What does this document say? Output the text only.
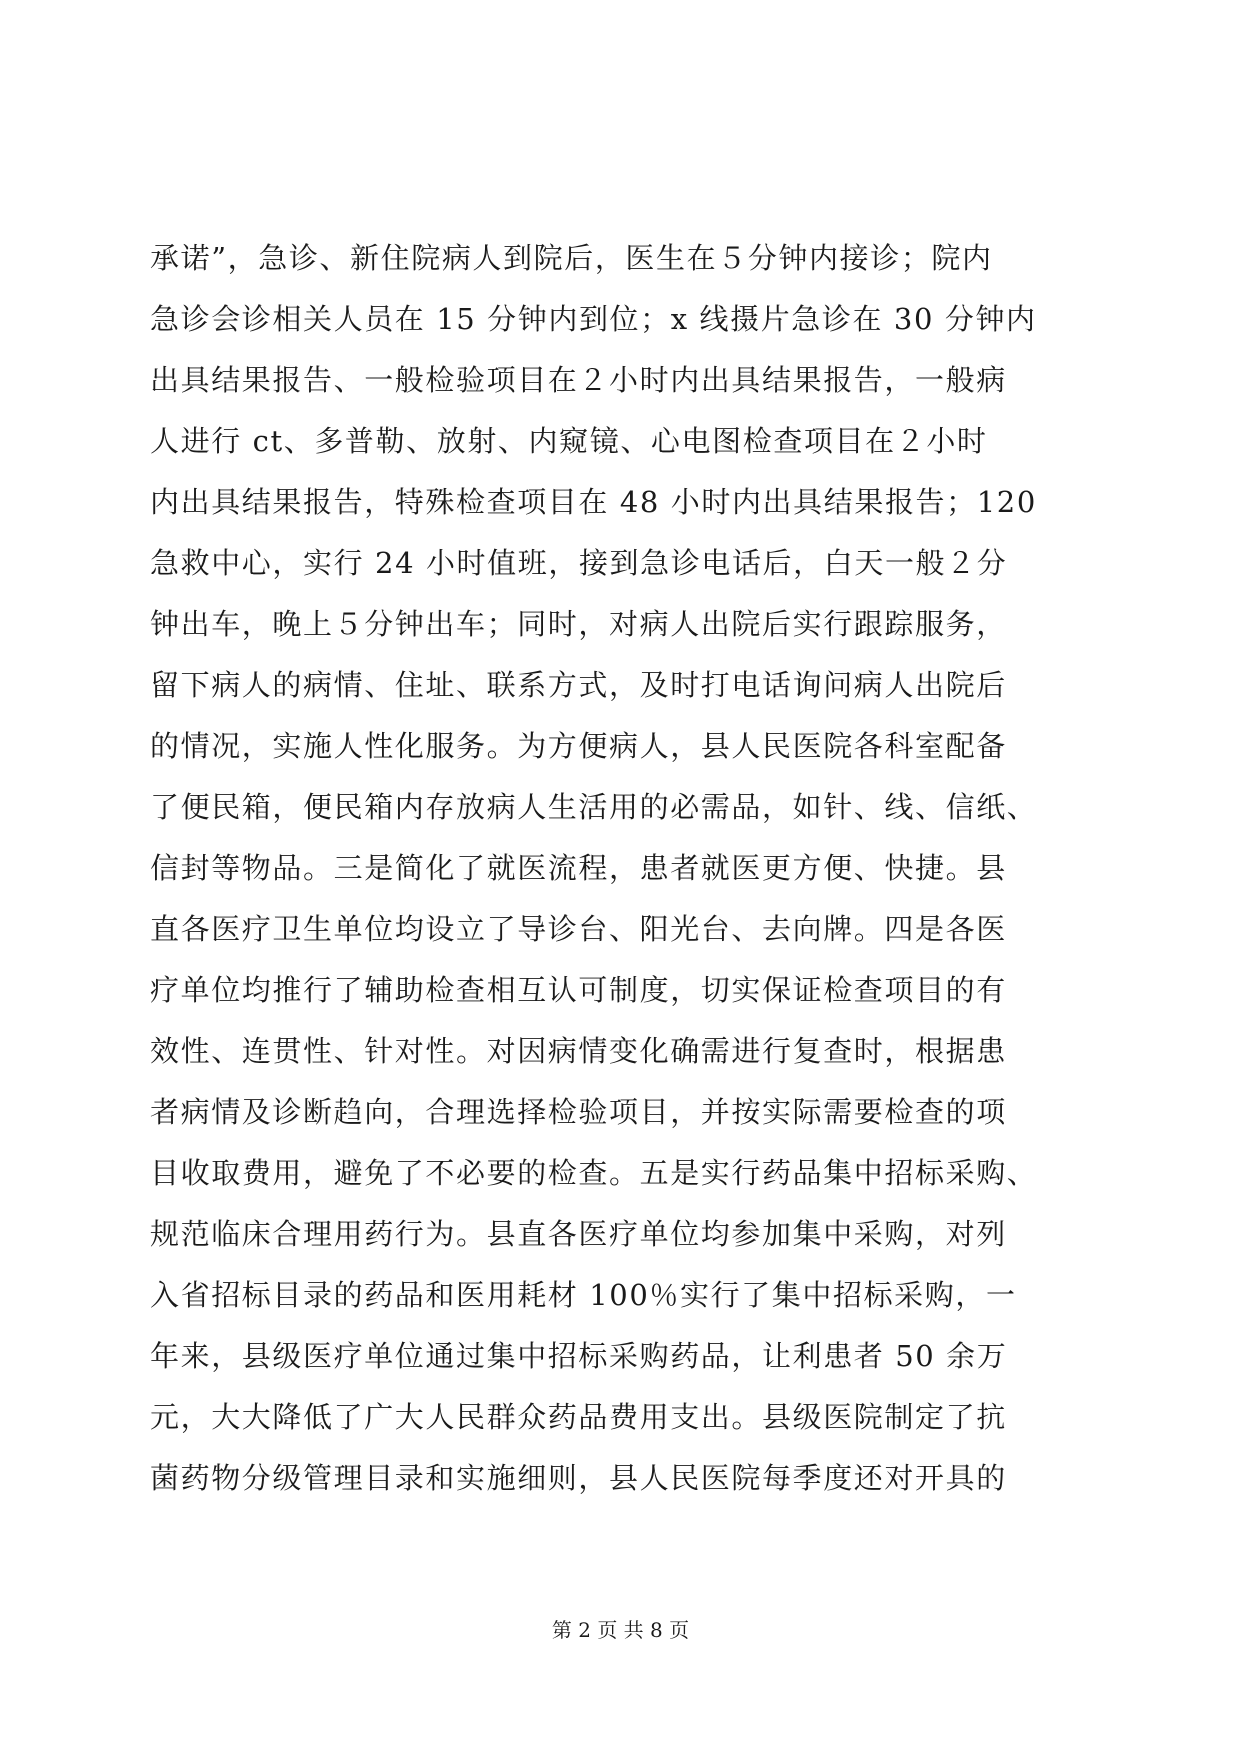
承诺”，急诊、新住院病人到院后，医生在５分钟内接诊；院内
急诊会诊相关人员在 15 分钟内到位；x 线摄片急诊在 30 分钟内
出具结果报告、一般检验项目在２小时内出具结果报告，一般病
人进行 ct、多普勒、放射、内窥镜、心电图检查项目在２小时
内出具结果报告，特殊检查项目在 48 小时内出具结果报告；120
急救中心，实行 24 小时值班，接到急诊电话后，白天一般２分
钟出车，晚上５分钟出车；同时，对病人出院后实行跟踪服务，
留下病人的病情、住址、联系方式，及时打电话询问病人出院后
的情况，实施人性化服务。为方便病人，县人民医院各科室配备
了便民箱，便民箱内存放病人生活用的必需品，如针、线、信纸、
信封等物品。三是简化了就医流程，患者就医更方便、快捷。县
直各医疗卫生单位均设立了导诊台、阳光台、去向牌。四是各医
疗单位均推行了辅助检查相互认可制度，切实保证检查项目的有
效性、连贯性、针对性。对因病情变化确需进行复查时，根据患
者病情及诊断趋向，合理选择检验项目，并按实际需要检查的项
目收取费用，避免了不必要的检查。五是实行药品集中招标采购、
规范临床合理用药行为。县直各医疗单位均参加集中采购，对列
入省招标目录的药品和医用耗材 100％实行了集中招标采购，一
年来，县级医疗单位通过集中招标采购药品，让利患者 50 余万
元，大大降低了广大人民群众药品费用支出。县级医院制定了抗
菌药物分级管理目录和实施细则，县人民医院每季度还对开具的
第 2 页 共 8 页
